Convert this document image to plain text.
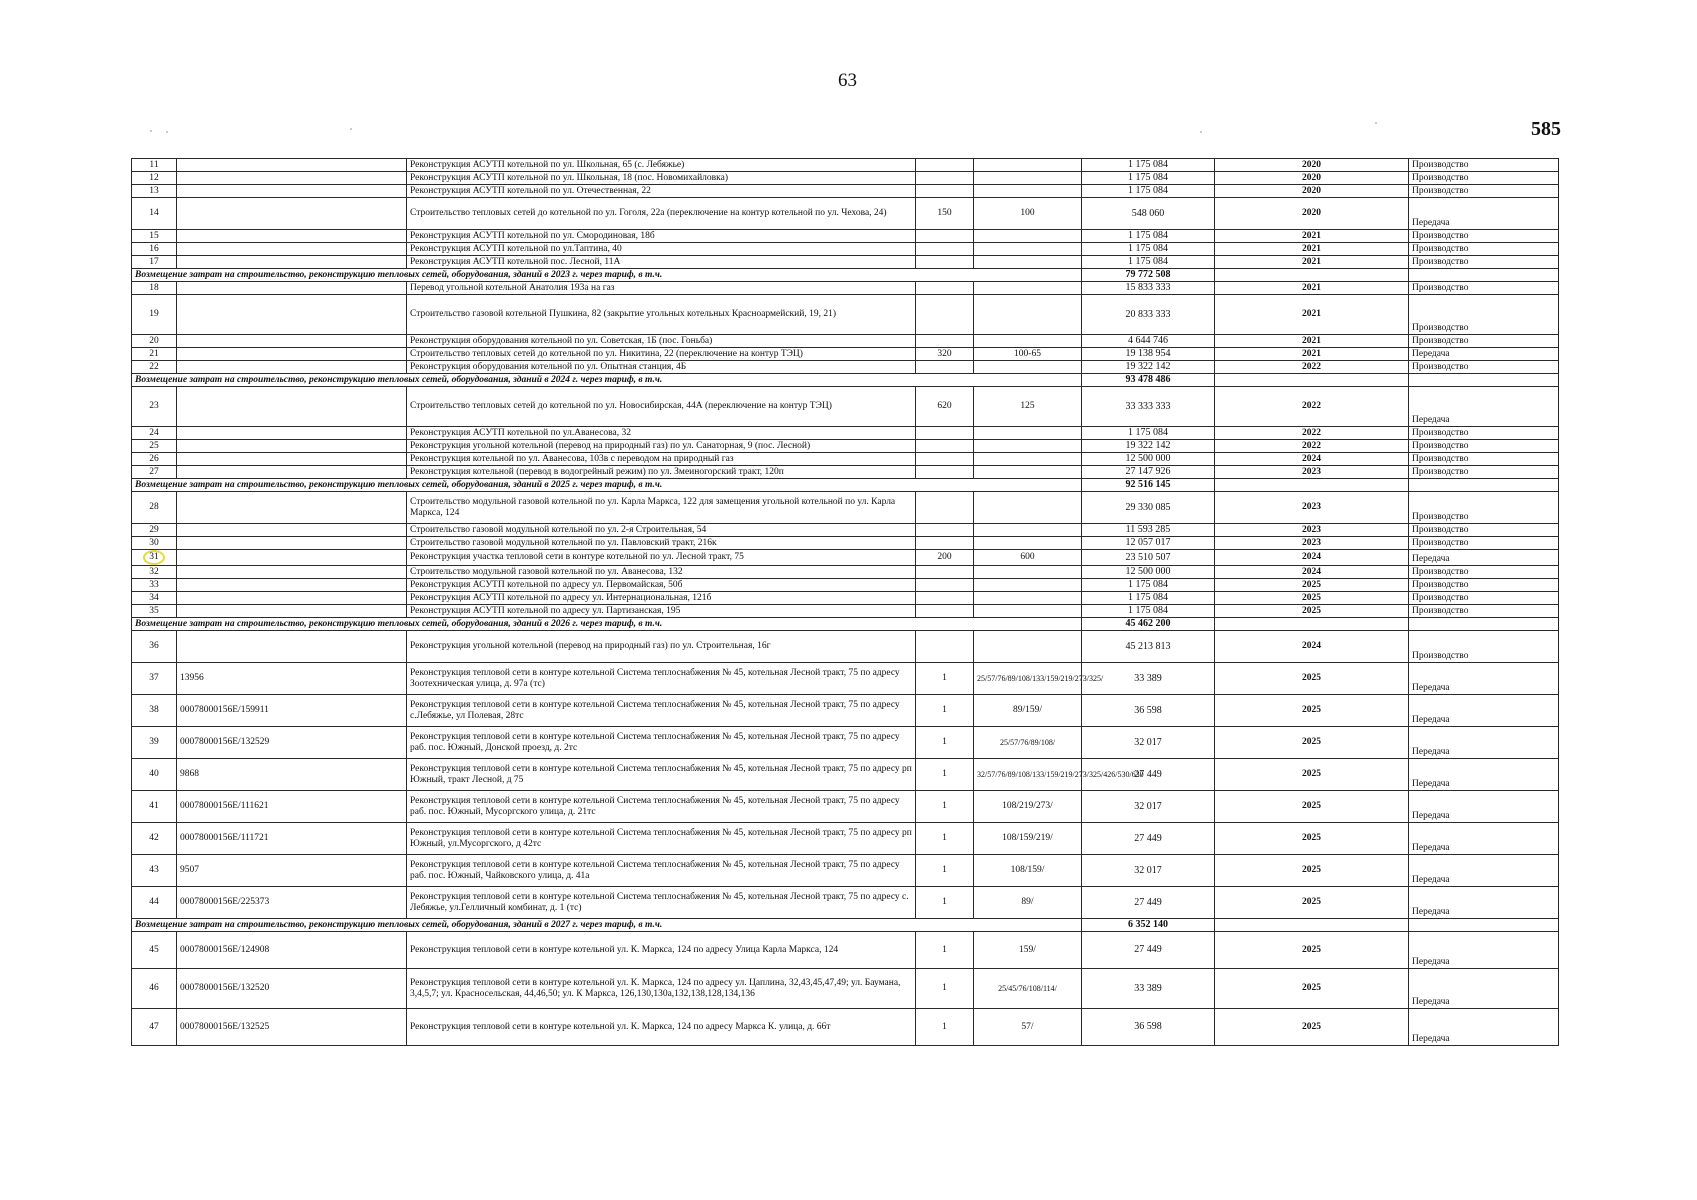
63
585
11		Реконструкция АСУТП котельной по ул. Школьная, 65 (с. Лебяжье)			1 175 084	2020	Производство
12		Реконструкция АСУТП котельной по ул. Школьная, 18 (пос. Новомихайловка)			1 175 084	2020	Производство
13		Реконструкция АСУТП котельной по ул. Отечественная, 22			1 175 084	2020	Производство
14		Строительство тепловых сетей до котельной по ул. Гоголя, 22а (переключение на контур котельной по ул. Чехова, 24)	150	100	548 060	2020	Передача
15		Реконструкция АСУТП котельной по ул. Смородиновая, 18б			1 175 084	2021	Производство
16		Реконструкция АСУТП котельной по ул.Таптина, 40			1 175 084	2021	Производство
17		Реконструкция АСУТП котельной пос. Лесной, 11А			1 175 084	2021	Производство
Возмещение затрат на строительство, реконструкцию тепловых сетей, оборудования, зданий в 2023 г. через тариф, в т.ч.					79 772 508		
18		Перевод угольной котельной Анатолия 193а на газ			15 833 333	2021	Производство
19		Строительство газовой котельной Пушкина, 82 (закрытие угольных котельных Красноармейский, 19, 21)			20 833 333	2021	Производство
20		Реконструкция оборудования котельной по ул. Советская, 1Б (пос. Гоньба)			4 644 746	2021	Производство
21		Строительство тепловых сетей до котельной по ул. Никитина, 22 (переключение на контур ТЭЦ)	320	100-65	19 138 954	2021	Передача
22		Реконструкция оборудования котельной по ул. Опытная станция, 4Б			19 322 142	2022	Производство
Возмещение затрат на строительство, реконструкцию тепловых сетей, оборудования, зданий в 2024 г. через тариф, в т.ч.					93 478 486		
23		Строительство тепловых сетей до котельной по ул. Новосибирская, 44А (переключение на контур ТЭЦ)	620	125	33 333 333	2022	Передача
24		Реконструкция АСУТП котельной по ул.Аванесова, 32			1 175 084	2022	Производство
25		Реконструкция угольной котельной (перевод на природный газ) по ул. Санаторная, 9 (пос. Лесной)			19 322 142	2022	Производство
26		Реконструкция котельной по ул. Аванесова, 103в с переводом на природный газ			12 500 000	2024	Производство
27		Реконструкция котельной (перевод в водогрейный режим) по ул. Змеиногорский тракт, 120п			27 147 926	2023	Производство
Возмещение затрат на строительство, реконструкцию тепловых сетей, оборудования, зданий в 2025 г. через тариф, в т.ч.					92 516 145		
28		Строительство модульной газовой котельной по ул. Карла Маркса, 122 для замещения угольной котельной по ул. Карла Маркса, 124			29 330 085	2023	Производство
29		Строительство газовой модульной котельной по ул. 2-я Строительная, 54			11 593 285	2023	Производство
30		Строительство газовой модульной котельной по ул. Павловский тракт, 216к			12 057 017	2023	Производство
31		Реконструкция участка тепловой сети в контуре котельной по ул. Лесной тракт, 75	200	600	23 510 507	2024	Передача
32		Строительство модульной газовой котельной по ул. Аванесова, 132			12 500 000	2024	Производство
33		Реконструкция АСУТП котельной по адресу ул. Первомайская, 50б			1 175 084	2025	Производство
34		Реконструкция АСУТП котельной по адресу ул. Интернациональная, 121б			1 175 084	2025	Производство
35		Реконструкция АСУТП котельной по адресу ул. Партизанская, 195			1 175 084	2025	Производство
Возмещение затрат на строительство, реконструкцию тепловых сетей, оборудования, зданий в 2026 г. через тариф, в т.ч.					45 462 200		
36		Реконструкция угольной котельной (перевод на природный газ) по ул. Строительная, 16г			45 213 813	2024	Производство
37	13956	Реконструкция тепловой сети в контуре котельной Система теплоснабжения № 45, котельная Лесной тракт, 75 по адресу Зоотехническая улица, д. 97а (тс)	1	25/57/76/89/108/133/159/219/273/325/	33 389	2025	Передача
38	00078000156Е/159911	Реконструкция тепловой сети в контуре котельной Система теплоснабжения № 45, котельная Лесной тракт, 75 по адресу с.Лебяжье, ул Полевая, 28тс	1	89/159/	36 598	2025	Передача
39	00078000156Е/132529	Реконструкция тепловой сети в контуре котельной Система теплоснабжения № 45, котельная Лесной тракт, 75 по адресу раб. пос. Южный, Донской проезд, д. 2тс	1	25/57/76/89/108/	32 017	2025	Передача
40	9868	Реконструкция тепловой сети в контуре котельной Система теплоснабжения № 45, котельная Лесной тракт, 75 по адресу рп Южный, тракт Лесной, д 75	1	32/57/76/89/108/133/159/219/273/325/426/530/630	27 449	2025	Передача
41	00078000156Е/111621	Реконструкция тепловой сети в контуре котельной Система теплоснабжения № 45, котельная Лесной тракт, 75 по адресу раб. пос. Южный, Мусоргского улица, д. 21тс	1	108/219/273/	32 017	2025	Передача
42	00078000156Е/111721	Реконструкция тепловой сети в контуре котельной Система теплоснабжения № 45, котельная Лесной тракт, 75 по адресу рп Южный, ул.Мусоргского, д 42тс	1	108/159/219/	27 449	2025	Передача
43	9507	Реконструкция тепловой сети в контуре котельной Система теплоснабжения № 45, котельная Лесной тракт, 75 по адресу раб. пос. Южный, Чайковского улица, д. 41а	1	108/159/	32 017	2025	Передача
44	00078000156Е/225373	Реконструкция тепловой сети в контуре котельной Система теплоснабжения № 45, котельная Лесной тракт, 75 по адресу с. Лебяжье, ул.Гелличный комбинат, д. 1 (тс)	1	89/	27 449	2025	Передача
Возмещение затрат на строительство, реконструкцию тепловых сетей, оборудования, зданий в 2027 г. через тариф, в т.ч.					6 352 140		
45	00078000156Е/124908	Реконструкция тепловой сети в контуре котельной ул. К. Маркса, 124 по адресу Улица Карла Маркса, 124	1	159/	27 449	2025	Передача
46	00078000156Е/132520	Реконструкция тепловой сети в контуре котельной ул. К. Маркса, 124 по адресу ул. Цаплина, 32,43,45,47,49; ул. Баумана, 3,4,5,7; ул. Красносельская, 44,46,50; ул. К Маркса, 126,130,130а,132,138,128,134,136	1	25/45/76/108/114/	33 389	2025	Передача
47	00078000156Е/132525	Реконструкция тепловой сети в контуре котельной ул. К. Маркса, 124 по адресу Маркса К. улица, д. 66т	1	57/	36 598	2025	Передача
